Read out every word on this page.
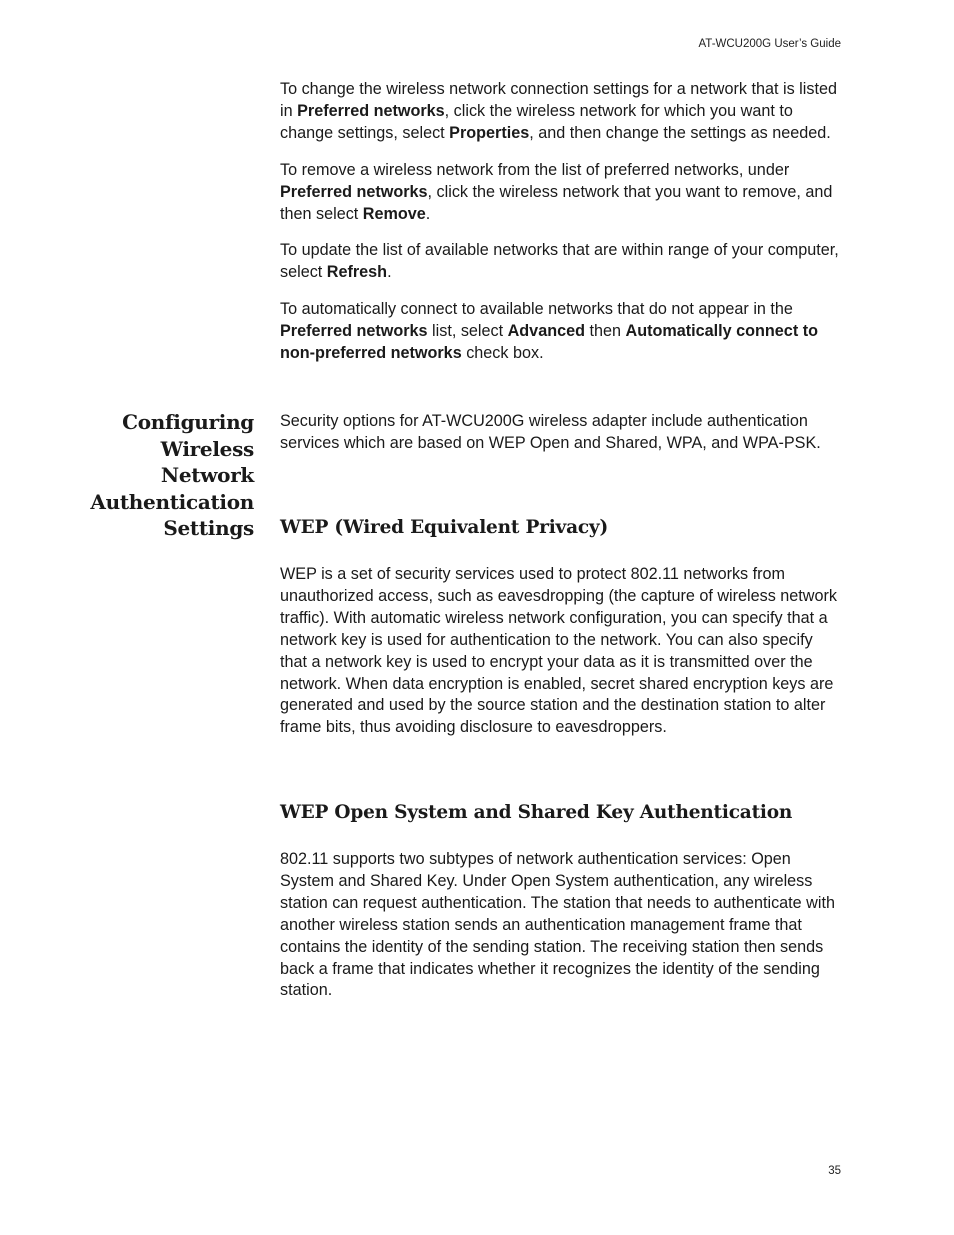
AT-WCU200G User’s Guide

To change the wireless network connection settings for a network that is listed in Preferred networks, click the wireless network for which you want to change settings, select Properties, and then change the settings as needed.

To remove a wireless network from the list of preferred networks, under Preferred networks, click the wireless network that you want to remove, and then select Remove.

To update the list of available networks that are within range of your computer, select Refresh.

To automatically connect to available networks that do not appear in the Preferred networks list, select Advanced then Automatically connect to non-preferred networks check box.

Configuring
Wireless
Network
Authentication
Settings

Security options for AT-WCU200G wireless adapter include authentication services which are based on WEP Open and Shared, WPA, and WPA-PSK.

WEP (Wired Equivalent Privacy)

WEP is a set of security services used to protect 802.11 networks from unauthorized access, such as eavesdropping (the capture of wireless network traffic). With automatic wireless network configuration, you can specify that a network key is used for authentication to the network. You can also specify that a network key is used to encrypt your data as it is transmitted over the network. When data encryption is enabled, secret shared encryption keys are generated and used by the source station and the destination station to alter frame bits, thus avoiding disclosure to eavesdroppers.

WEP Open System and Shared Key Authentication

802.11 supports two subtypes of network authentication services: Open System and Shared Key. Under Open System authentication, any wireless station can request authentication. The station that needs to authenticate with another wireless station sends an authentication management frame that contains the identity of the sending station. The receiving station then sends back a frame that indicates whether it recognizes the identity of the sending station.

35
